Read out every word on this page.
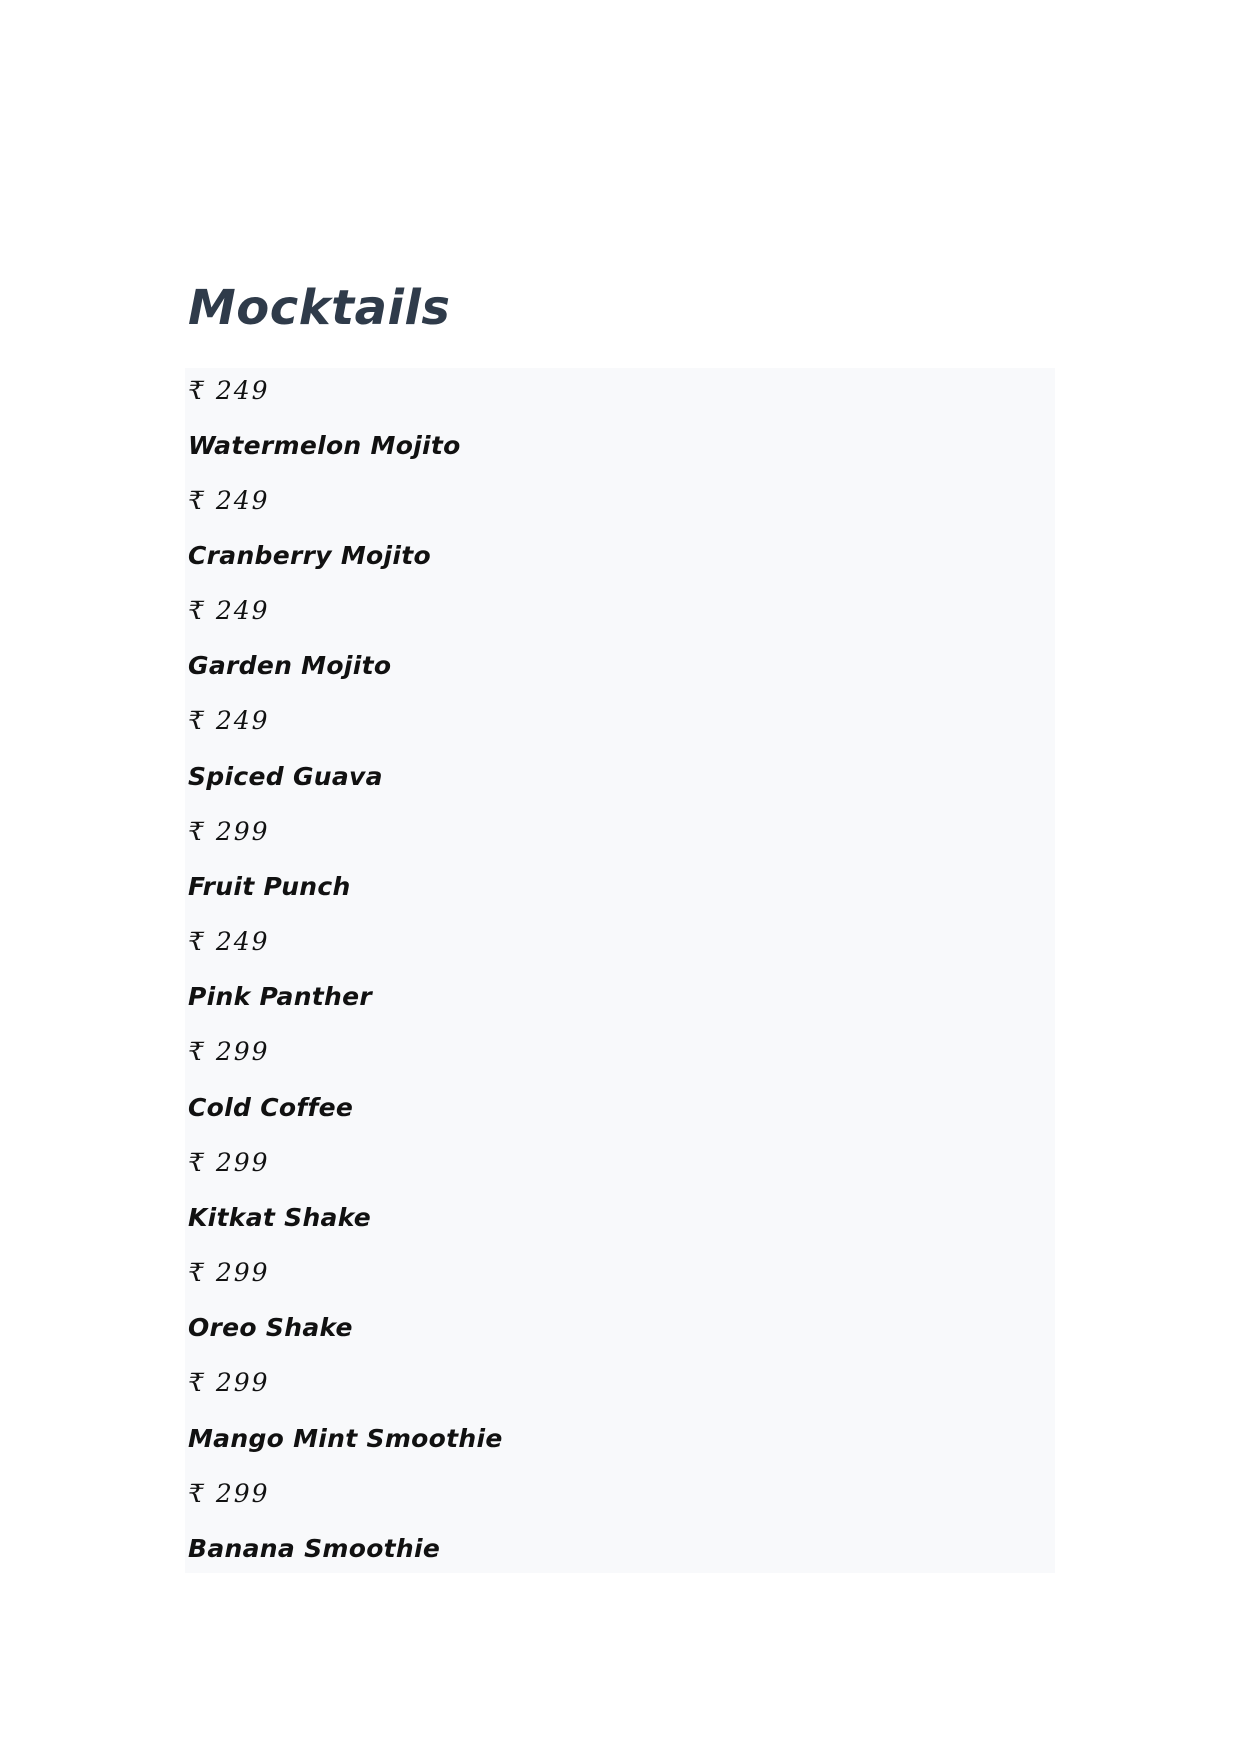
Mocktails
₹ 249
Watermelon Mojito
₹ 249
Cranberry Mojito
₹ 249
Garden Mojito
₹ 249
Spiced Guava
₹ 299
Fruit Punch
₹ 249
Pink Panther
₹ 299
Cold Coffee
₹ 299
Kitkat Shake
₹ 299
Oreo Shake
₹ 299
Mango Mint Smoothie
₹ 299
Banana Smoothie
